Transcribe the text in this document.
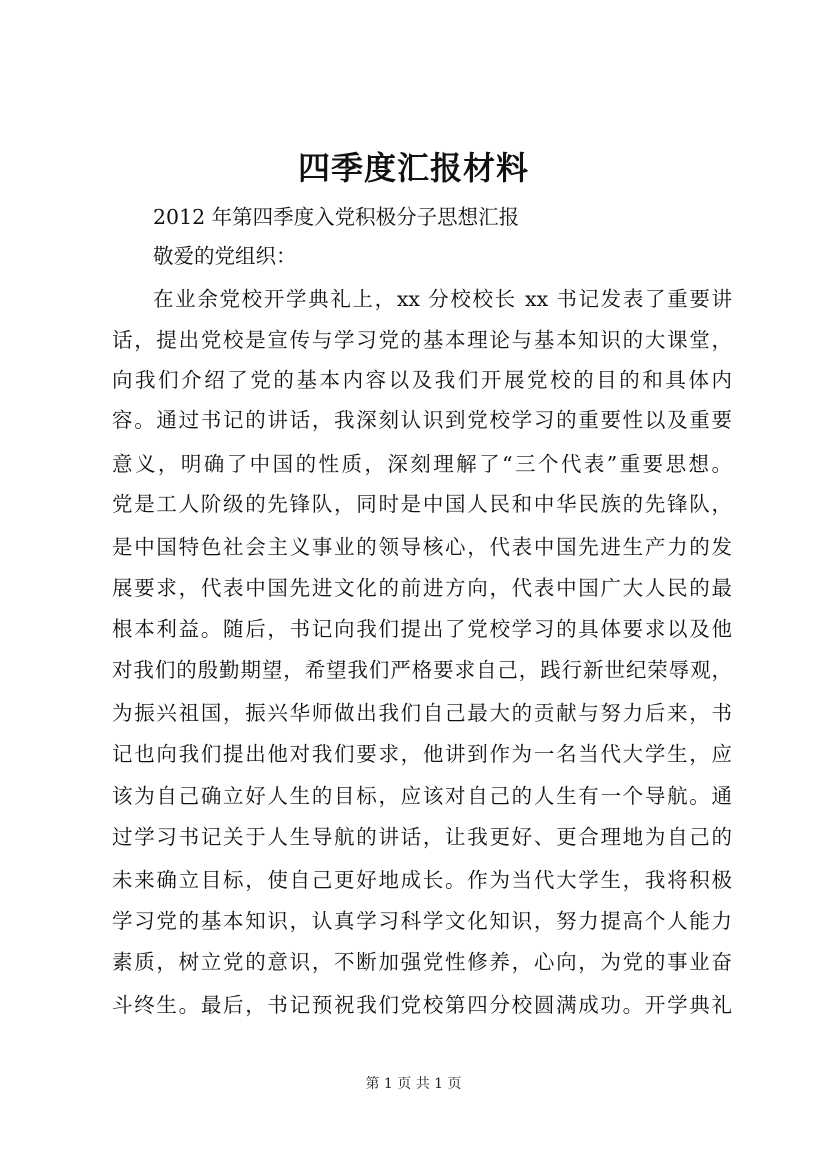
四季度汇报材料
2012 年第四季度入党积极分子思想汇报
敬爱的党组织：
在业余党校开学典礼上，xx 分校校长 xx 书记发表了重要讲
话，提出党校是宣传与学习党的基本理论与基本知识的大课堂，
向我们介绍了党的基本内容以及我们开展党校的目的和具体内
容。通过书记的讲话，我深刻认识到党校学习的重要性以及重要
意义，明确了中国的性质，深刻理解了“三个代表”重要思想。
党是工人阶级的先锋队，同时是中国人民和中华民族的先锋队，
是中国特色社会主义事业的领导核心，代表中国先进生产力的发
展要求，代表中国先进文化的前进方向，代表中国广大人民的最
根本利益。随后，书记向我们提出了党校学习的具体要求以及他
对我们的殷勤期望，希望我们严格要求自己，践行新世纪荣辱观，
为振兴祖国，振兴华师做出我们自己最大的贡献与努力后来，书
记也向我们提出他对我们要求，他讲到作为一名当代大学生，应
该为自己确立好人生的目标，应该对自己的人生有一个导航。通
过学习书记关于人生导航的讲话，让我更好、更合理地为自己的
未来确立目标，使自己更好地成长。作为当代大学生，我将积极
学习党的基本知识，认真学习科学文化知识，努力提高个人能力
素质，树立党的意识，不断加强党性修养，心向，为党的事业奋
斗终生。最后，书记预祝我们党校第四分校圆满成功。开学典礼
第 1 页 共 1 页
